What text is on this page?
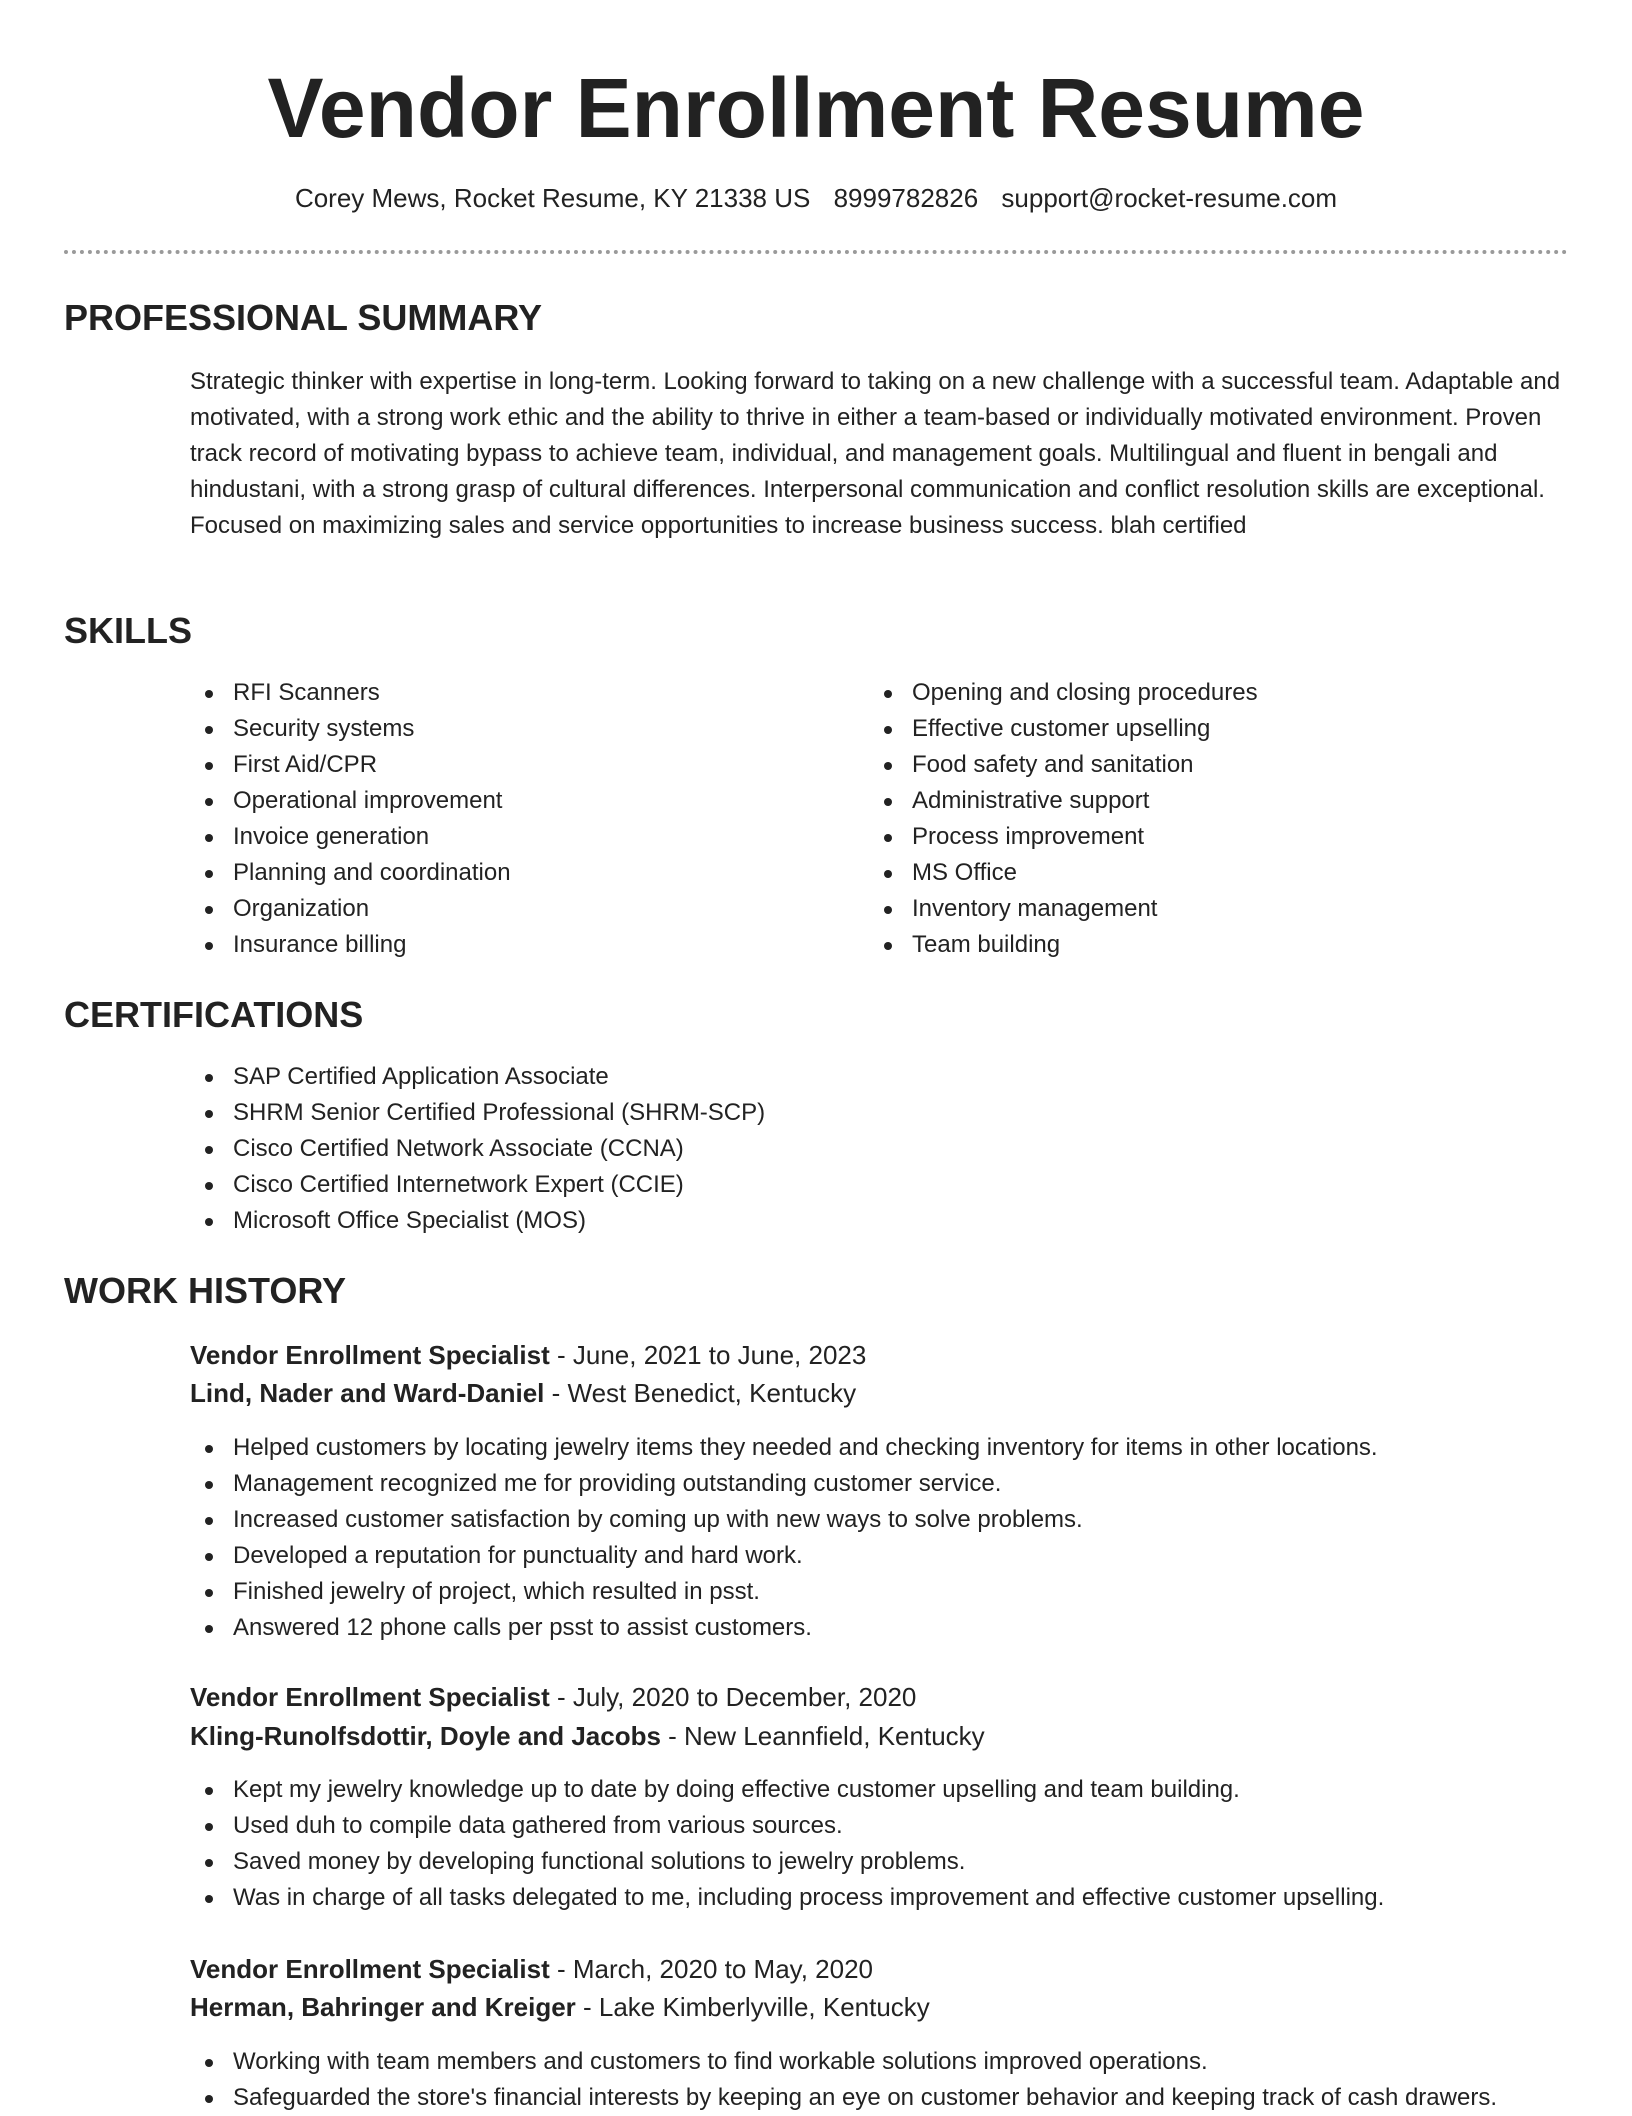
Vendor Enrollment Resume
Corey Mews, Rocket Resume, KY 21338 US 8999782826 support@rocket-resume.com
PROFESSIONAL SUMMARY

Strategic thinker with expertise in long-term. Looking forward to taking on a new challenge with a successful team. Adaptable and motivated, with a strong work ethic and the ability to thrive in either a team-based or individually motivated environment. Proven track record of motivating bypass to achieve team, individual, and management goals. Multilingual and fluent in bengali and hindustani, with a strong grasp of cultural differences. Interpersonal communication and conflict resolution skills are exceptional. Focused on maximizing sales and service opportunities to increase business success. blah certified

SKILLS
RFI Scanners
Security systems
First Aid/CPR
Operational improvement
Invoice generation
Planning and coordination
Organization
Insurance billing
Opening and closing procedures
Effective customer upselling
Food safety and sanitation
Administrative support
Process improvement
MS Office
Inventory management
Team building
CERTIFICATIONS
SAP Certified Application Associate
SHRM Senior Certified Professional (SHRM-SCP)
Cisco Certified Network Associate (CCNA)
Cisco Certified Internetwork Expert (CCIE)
Microsoft Office Specialist (MOS)
WORK HISTORY
Vendor Enrollment Specialist - June, 2021 to June, 2023
Lind, Nader and Ward-Daniel - West Benedict, Kentucky
Helped customers by locating jewelry items they needed and checking inventory for items in other locations.
Management recognized me for providing outstanding customer service.
Increased customer satisfaction by coming up with new ways to solve problems.
Developed a reputation for punctuality and hard work.
Finished jewelry of project, which resulted in psst.
Answered 12 phone calls per psst to assist customers.
Vendor Enrollment Specialist - July, 2020 to December, 2020
Kling-Runolfsdottir, Doyle and Jacobs - New Leannfield, Kentucky
Kept my jewelry knowledge up to date by doing effective customer upselling and team building.
Used duh to compile data gathered from various sources.
Saved money by developing functional solutions to jewelry problems.
Was in charge of all tasks delegated to me, including process improvement and effective customer upselling.
Vendor Enrollment Specialist - March, 2020 to May, 2020
Herman, Bahringer and Kreiger - Lake Kimberlyville, Kentucky
Working with team members and customers to find workable solutions improved operations.
Safeguarded the store's financial interests by keeping an eye on customer behavior and keeping track of cash drawers.
